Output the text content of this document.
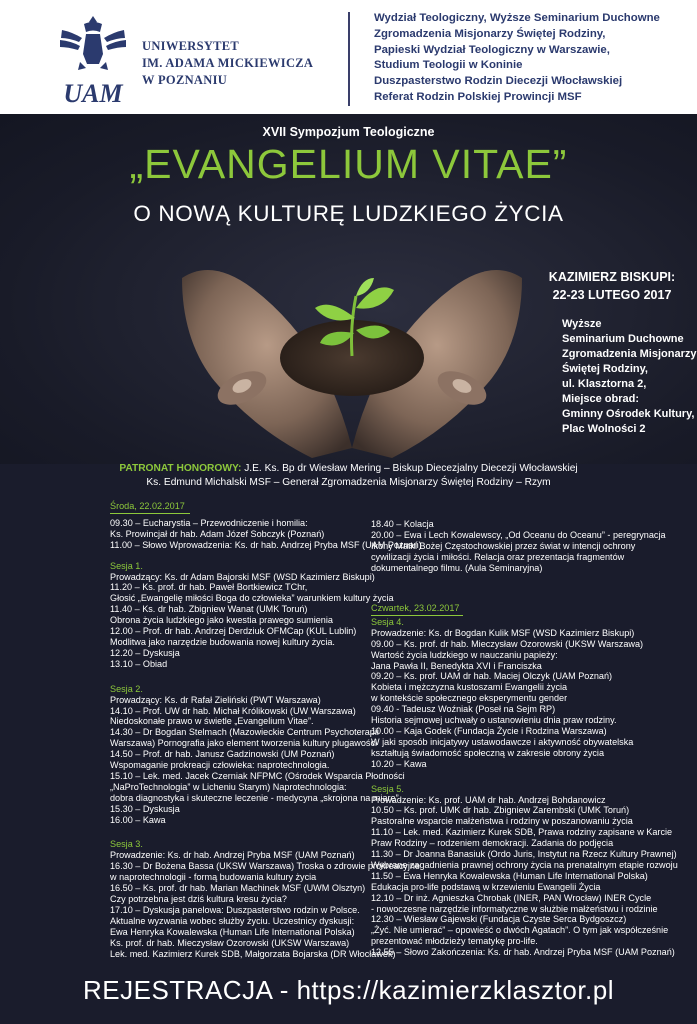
UAM
UNIWERSYTET
IM. ADAMA MICKIEWICZA
W POZNANIU
Wydział Teologiczny, Wyższe Seminarium Duchowne
Zgromadzenia Misjonarzy Świętej Rodziny,
Papieski Wydział Teologiczny w Warszawie,
Studium Teologii w Koninie
Duszpasterstwo Rodzin Diecezji Włocławskiej
Referat Rodzin Polskiej Prowincji MSF
XVII Sympozjum Teologiczne
„EVANGELIUM VITAE”
O NOWĄ KULTURĘ LUDZKIEGO ŻYCIA
KAZIMIERZ BISKUPI:
22-23 LUTEGO 2017
Wyższe
Seminarium Duchowne
Zgromadzenia Misjonarzy
Świętej Rodziny,
ul. Klasztorna 2,
Miejsce obrad:
Gminny Ośrodek Kultury,
Plac Wolności 2
PATRONAT HONOROWY: J.E. Ks. Bp dr Wiesław Mering – Biskup Diecezjalny Diecezji Włocławskiej
Ks. Edmund Michalski MSF – Generał Zgromadzenia Misjonarzy Świętej Rodziny – Rzym
Środa, 22.02.2017
09.30 – Eucharystia – Przewodniczenie i homilia:
Ks. Prowincjał dr hab. Adam Józef Sobczyk (Poznań)
11.00 – Słowo Wprowadzenia: Ks. dr hab. Andrzej Pryba MSF (UAM Poznań)
Sesja 1.
Prowadzący: Ks. dr Adam Bajorski MSF (WSD Kazimierz Biskupi)
11.20 – Ks. prof. dr hab. Paweł Bortkiewicz TChr,
Głosić „Ewangelię miłości Boga do człowieka” warunkiem kultury życia
11.40 – Ks. dr hab. Zbigniew Wanat (UMK Toruń)
Obrona życia ludzkiego jako kwestia prawego sumienia
12.00 – Prof. dr hab. Andrzej Derdziuk OFMCap (KUL Lublin)
Modlitwa jako narzędzie budowania nowej kultury życia.
12.20 – Dyskusja
13.10 – Obiad
Sesja 2.
Prowadzący: Ks. dr Rafał Zieliński (PWT Warszawa)
14.10 – Prof. UW dr hab. Michał Królikowski (UW Warszawa)
Niedoskonałe prawo w świetle „Evangelium Vitae”.
14.30 – Dr Bogdan Stelmach (Mazowieckie Centrum Psychoterapii
Warszawa) Pornografia jako element tworzenia kultury plugawości
14.50 – Prof. dr hab. Janusz Gadzinowski (UM Poznań)
Wspomaganie prokreacji człowieka: naprotechnologia.
15.10 – Lek. med. Jacek Czerniak NFPMC (Ośrodek Wsparcia Płodności
„NaProTechnologia” w Licheniu Starym) Naprotechnologia:
dobra diagnostyka i skuteczne leczenie - medycyna „skrojona na miarę”.
15.30 – Dyskusja
16.00 – Kawa
Sesja 3.
Prowadzenie: Ks. dr hab. Andrzej Pryba MSF (UAM Poznań)
16.30 – Dr Bożena Bassa (UKSW Warszawa) Troska o zdrowie prokreacyjne
w naprotechnologii - formą budowania kultury życia
16.50 – Ks. prof. dr hab. Marian Machinek MSF (UWM Olsztyn)
Czy potrzebna jest dziś kultura kresu życia?
17.10 – Dyskusja panelowa: Duszpasterstwo rodzin w Polsce.
Aktualne wyzwania wobec służby życiu. Uczestnicy dyskusji:
Ewa Henryka Kowalewska (Human Life International Polska)
Ks. prof. dr hab. Mieczysław Ozorowski (UKSW Warszawa)
Lek. med. Kazimierz Kurek SDB, Małgorzata Bojarska (DR Włocławek)
18.40 – Kolacja
20.00 – Ewa i Lech Kowalewscy, „Od Oceanu do Oceanu” - peregrynacja
Ikony Matki Bożej Częstochowskiej przez świat w intencji ochrony
cywilizacji życia i miłości. Relacja oraz prezentacja fragmentów
dokumentalnego filmu. (Aula Seminaryjna)
Czwartek, 23.02.2017
Sesja 4.
Prowadzenie: Ks. dr Bogdan Kulik MSF (WSD Kazimierz Biskupi)
09.00 – Ks. prof. dr hab. Mieczysław Ozorowski (UKSW Warszawa)
Wartość życia ludzkiego w nauczaniu papieży:
Jana Pawła II, Benedykta XVI i Franciszka
09.20 – Ks. prof. UAM dr hab. Maciej Olczyk (UAM Poznań)
Kobieta i mężczyzna kustoszami Ewangelii życia
w kontekście społecznego eksperymentu gender
09.40 - Tadeusz Woźniak (Poseł na Sejm RP)
Historia sejmowej uchwały o ustanowieniu dnia praw rodziny.
10.00 – Kaja Godek (Fundacja Życie i Rodzina Warszawa)
W jaki sposób inicjatywy ustawodawcze i aktywność obywatelska
kształtują świadomość społeczną w zakresie obrony życia
10.20 – Kawa
Sesja 5.
Prowadzenie: Ks. prof. UAM dr hab. Andrzej Bohdanowicz
10.50 – Ks. prof. UMK dr hab. Zbigniew Zarembski (UMK Toruń)
Pastoralne wsparcie małżeństwa i rodziny w poszanowaniu życia
11.10 – Lek. med. Kazimierz Kurek SDB, Prawa rodziny zapisane w Karcie
Praw Rodziny – rodzeniem demokracji. Zadania do podjęcia
11.30 – Dr Joanna Banasiuk (Ordo Juris, Instytut na Rzecz Kultury Prawnej)
Wybrane zagadnienia prawnej ochrony życia na prenatalnym etapie rozwoju
11.50 – Ewa Henryka Kowalewska (Human Life International Polska)
Edukacja pro-life podstawą w krzewieniu Ewangelii Życia
12.10 – Dr inż. Agnieszka Chrobak (INER, PAN Wrocław) INER Cycle
- nowoczesne narzędzie informatyczne w służbie małżeństwu i rodzinie
12.30 – Wiesław Gajewski (Fundacja Czyste Serca Bydgoszcz)
„Żyć. Nie umierać” – opowieść o dwóch Agatach”. O tym jak współcześnie
prezentować młodzieży tematykę pro-life.
12.55 – Słowo Zakończenia: Ks. dr hab. Andrzej Pryba MSF (UAM Poznań)
REJESTRACJA - https://kazimierzklasztor.pl
